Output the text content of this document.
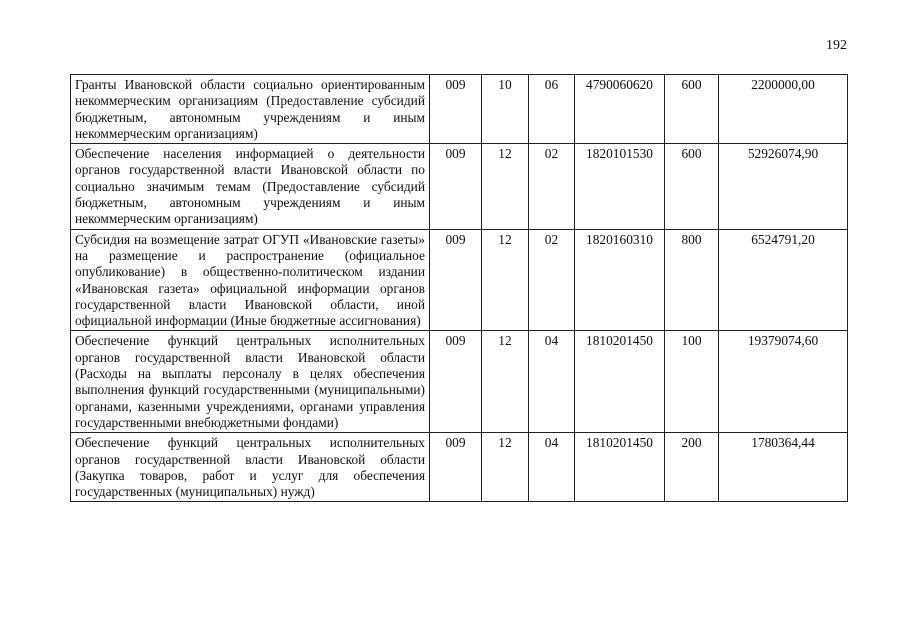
192
Гранты Ивановской области социально ориентированным некоммерческим организациям (Предоставление субсидий бюджетным, автономным учреждениям и иным некоммерческим организациям)	009	10	06	4790060620	600	2200000,00
Обеспечение населения информацией о деятельности органов государственной власти Ивановской области по социально значимым темам (Предоставление субсидий бюджетным, автономным учреждениям и иным некоммерческим организациям)	009	12	02	1820101530	600	52926074,90
Субсидия на возмещение затрат ОГУП «Ивановские газеты» на размещение и распространение (официальное опубликование) в общественно-политическом издании «Ивановская газета» официальной информации органов государственной власти Ивановской области, иной официальной информации (Иные бюджетные ассигнования)	009	12	02	1820160310	800	6524791,20
Обеспечение функций центральных исполнительных органов государственной власти Ивановской области (Расходы на выплаты персоналу в целях обеспечения выполнения функций государственными (муниципальными) органами, казенными учреждениями, органами управления государственными внебюджетными фондами)	009	12	04	1810201450	100	19379074,60
Обеспечение функций центральных исполнительных органов государственной власти Ивановской области (Закупка товаров, работ и услуг для обеспечения государственных (муниципальных) нужд)	009	12	04	1810201450	200	1780364,44
